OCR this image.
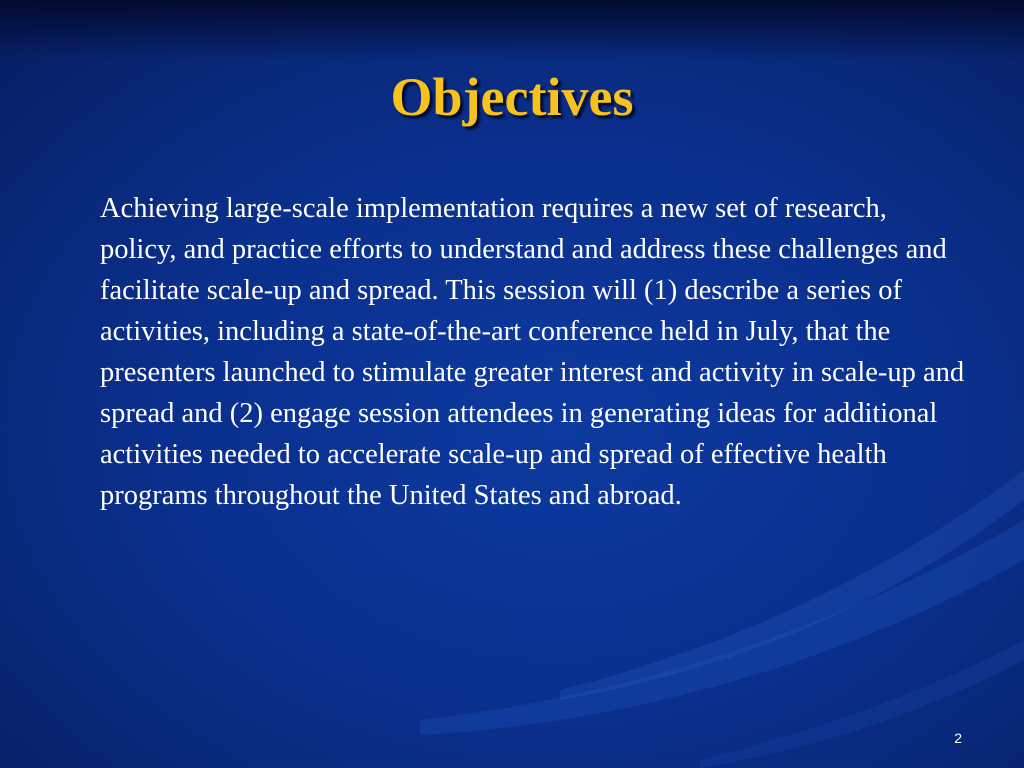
Objectives

Achieving large-scale implementation requires a new set of research, policy, and practice efforts to understand and address these challenges and facilitate scale-up and spread. This session will (1) describe a series of activities, including a state-of-the-art conference held in July, that the presenters launched to stimulate greater interest and activity in scale-up and spread and (2) engage session attendees in generating ideas for additional activities needed to accelerate scale-up and spread of effective health programs throughout the United States and abroad.

2
